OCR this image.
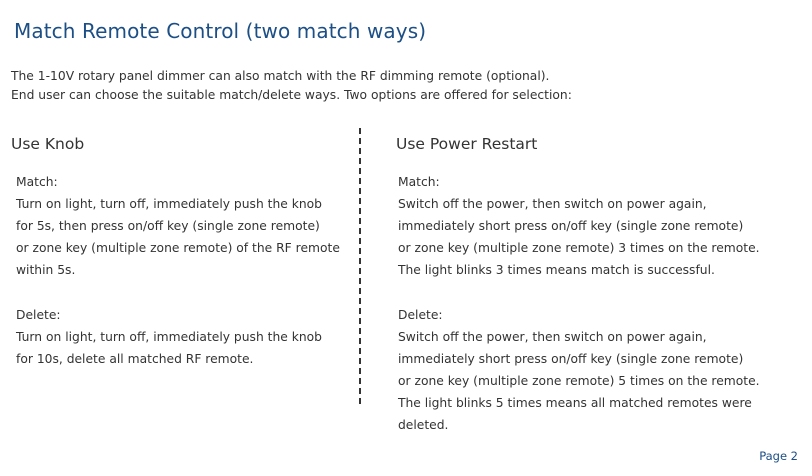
Match Remote Control (two match ways)
The 1-10V rotary panel dimmer can also match with the RF dimming remote (optional).
End user can choose the suitable match/delete ways. Two options are offered for selection:
Use Knob	Use Power Restart
Match:
Turn on light, turn off, immediately push the knob
for 5s, then press on/off key (single zone remote)
or zone key (multiple zone remote) of the RF remote
within 5s.
Delete:
Turn on light, turn off, immediately push the knob
for 10s, delete all matched RF remote.
Match:
Switch off the power, then switch on power again,
immediately short press on/off key (single zone remote)
or zone key (multiple zone remote) 3 times on the remote.
The light blinks 3 times means match is successful.
Delete:
Switch off the power, then switch on power again,
immediately short press on/off key (single zone remote)
or zone key (multiple zone remote) 5 times on the remote.
The light blinks 5 times means all matched remotes were
deleted.
Page 2
